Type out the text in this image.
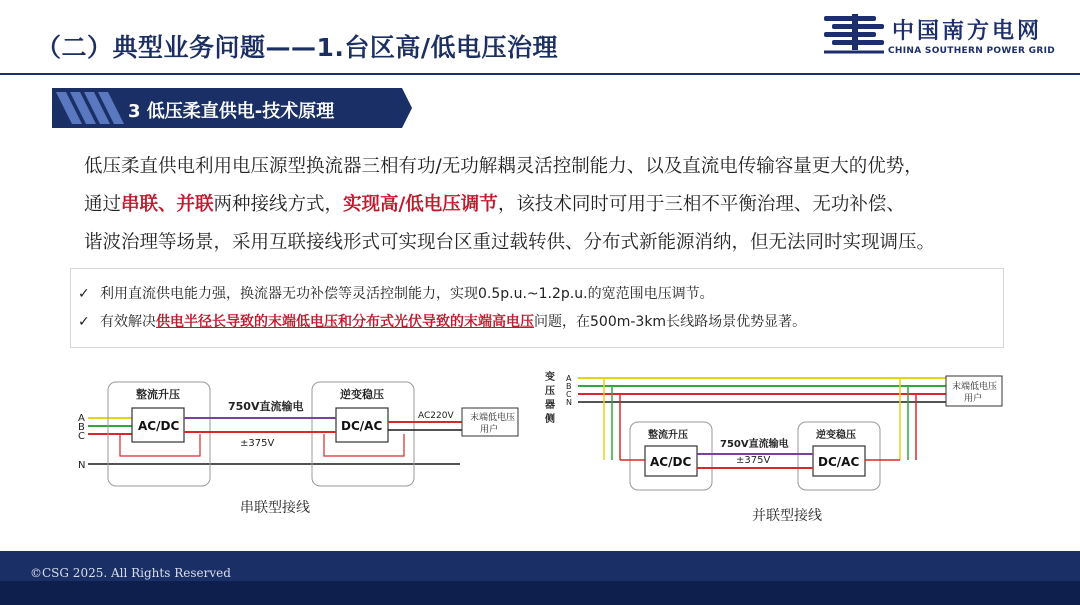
（二）典型业务问题——1.台区高/低电压治理
中国南方电网
CHINA SOUTHERN POWER GRID
3 低压柔直供电-技术原理
低压柔直供电利用电压源型换流器三相有功/无功解耦灵活控制能力、以及直流电传输容量更大的优势，
通过串联、并联两种接线方式，实现高/低电压调节，该技术同时可用于三相不平衡治理、无功补偿、
谐波治理等场景，采用互联接线形式可实现台区重过载转供、分布式新能源消纳，但无法同时实现调压。
✓ 利用直流供电能力强，换流器无功补偿等灵活控制能力，实现0.5p.u.~1.2p.u.的宽范围电压调节。
✓ 有效解决供电半径长导致的末端低电压和分布式光伏导致的末端高电压问题，在500m-3km长线路场景优势显著。
整流升压
AC/DC
750V直流输电
±375V
逆变稳压
DC/AC
AC220V 末端低电压
用户
A
B
C
N
串联型接线
变
压
器
侧
A
B
C
N
末端低电压
用户
整流升压
AC/DC
750V直流输电
±375V
逆变稳压
DC/AC
并联型接线
©CSG 2025. All Rights Reserved
